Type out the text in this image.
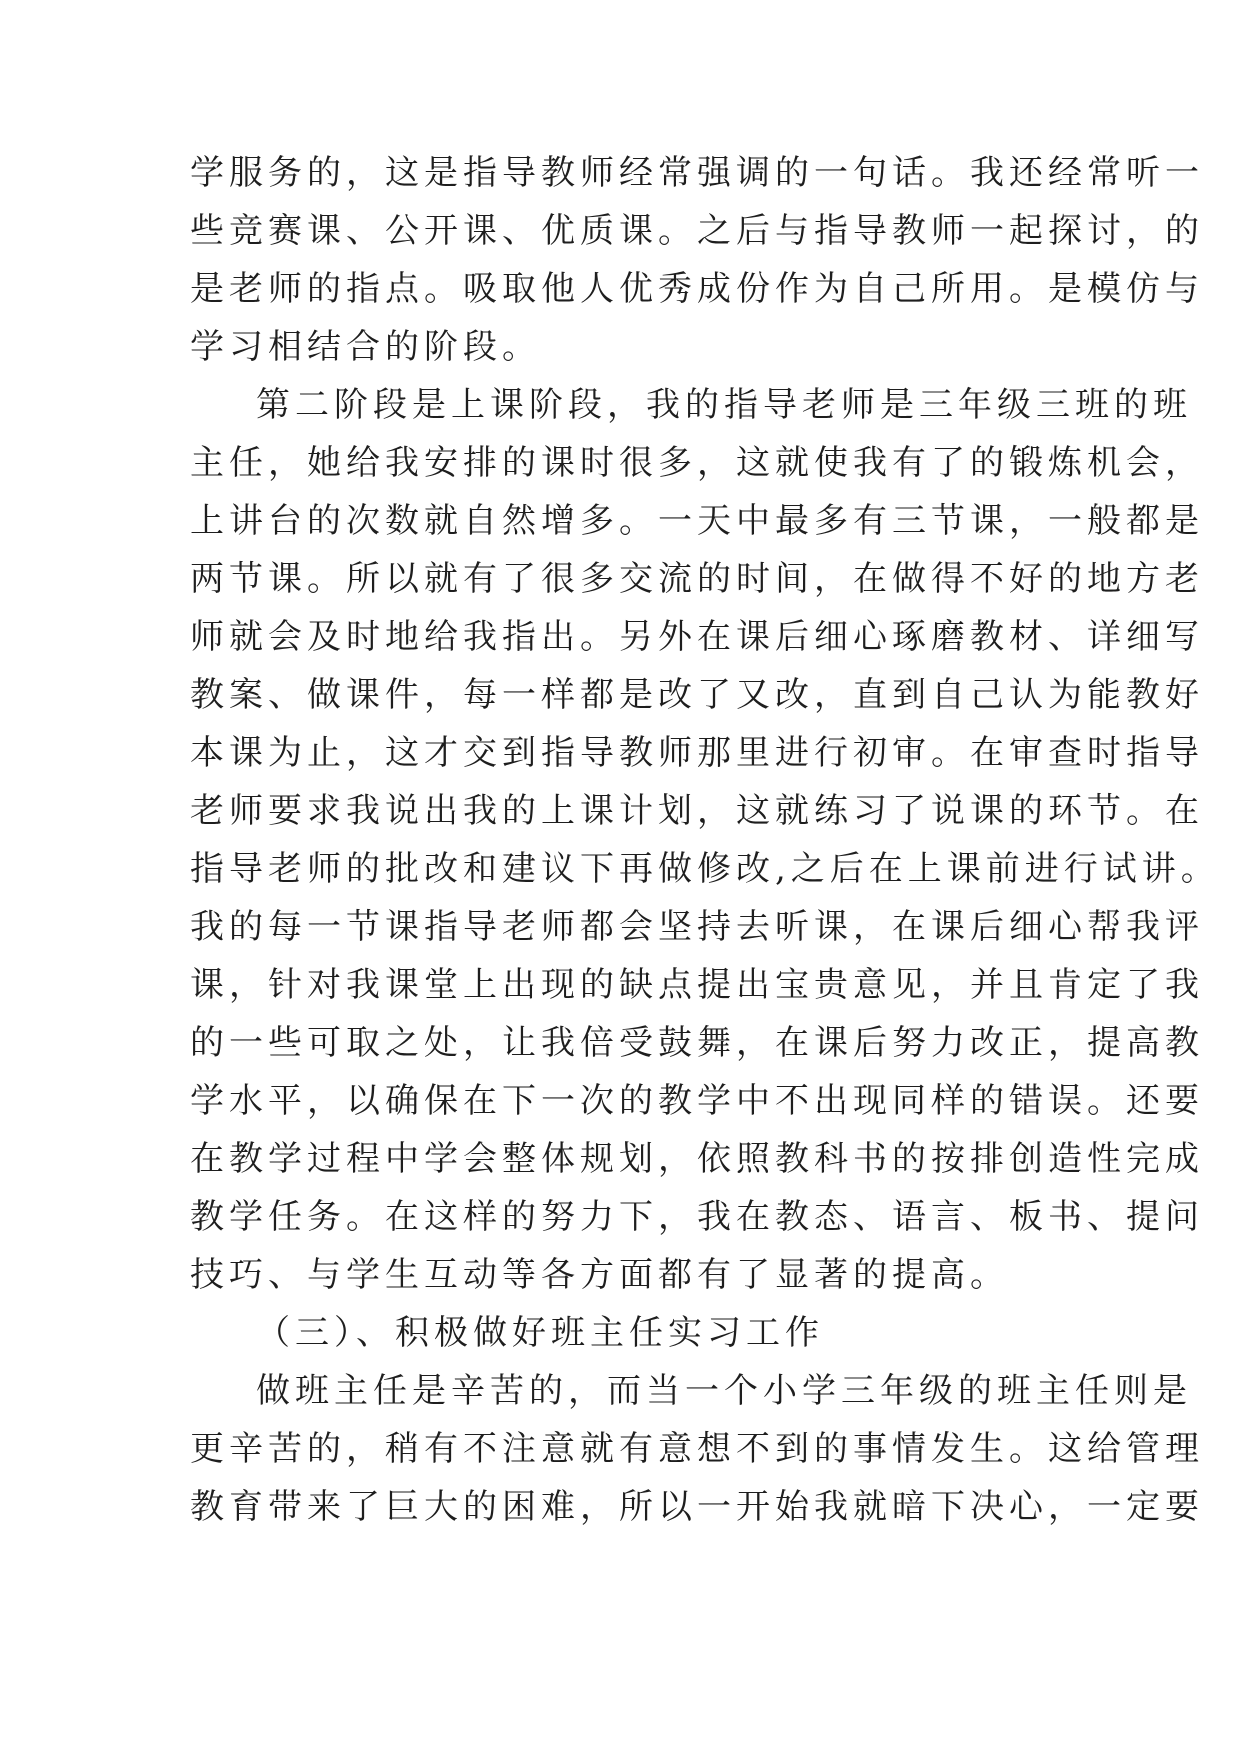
学服务的，这是指导教师经常强调的一句话。我还经常听一
些竞赛课、公开课、优质课。之后与指导教师一起探讨，的
是老师的指点。吸取他人优秀成份作为自己所用。是模仿与
学习相结合的阶段。
第二阶段是上课阶段，我的指导老师是三年级三班的班
主任，她给我安排的课时很多，这就使我有了的锻炼机会，
上讲台的次数就自然增多。一天中最多有三节课，一般都是
两节课。所以就有了很多交流的时间，在做得不好的地方老
师就会及时地给我指出。另外在课后细心琢磨教材、详细写
教案、做课件，每一样都是改了又改，直到自己认为能教好
本课为止，这才交到指导教师那里进行初审。在审查时指导
老师要求我说出我的上课计划，这就练习了说课的环节。在
指导老师的批改和建议下再做修改,之后在上课前进行试讲。
我的每一节课指导老师都会坚持去听课，在课后细心帮我评
课，针对我课堂上出现的缺点提出宝贵意见，并且肯定了我
的一些可取之处，让我倍受鼓舞，在课后努力改正，提高教
学水平，以确保在下一次的教学中不出现同样的错误。还要
在教学过程中学会整体规划，依照教科书的按排创造性完成
教学任务。在这样的努力下，我在教态、语言、板书、提问
技巧、与学生互动等各方面都有了显著的提高。
（三）、积极做好班主任实习工作
做班主任是辛苦的，而当一个小学三年级的班主任则是
更辛苦的，稍有不注意就有意想不到的事情发生。这给管理
教育带来了巨大的困难，所以一开始我就暗下决心，一定要
